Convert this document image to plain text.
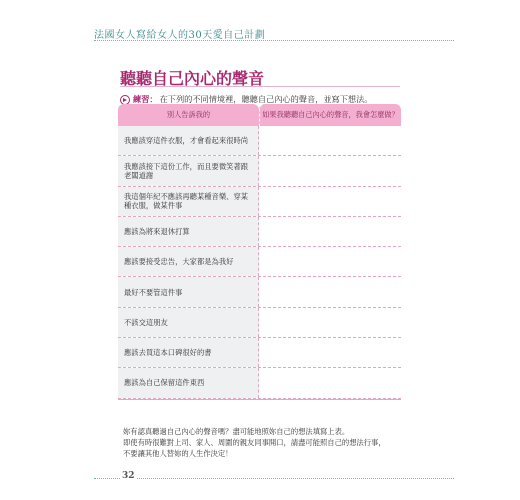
法國女人寫給女人的30天愛自己計劃
聽聽自己內心的聲音
練習： 在下列的不同情境裡，聽聽自己內心的聲音，並寫下想法。
別人告訴我的	如果我聽聽自己內心的聲音，我會怎麼做？
我應該穿這件衣服，才會看起來很時尚
我應該接下這份工作，而且要微笑著跟老闆道謝
我這個年紀不應該再聽某種音樂、穿某種衣服，做某件事
應該為將來退休打算
應該要接受忠告，大家都是為我好
最好不要管這件事
不該交這朋友
應該去買這本口碑很好的書
應該為自己保留這件東西
妳有認真聽過自己內心的聲音嗎？盡可能地照妳自己的想法填寫上表。
即使有時很難對上司、家人、周圍的親友同事開口，請盡可能照自己的想法行事，
不要讓其他人替妳的人生作決定！
32
